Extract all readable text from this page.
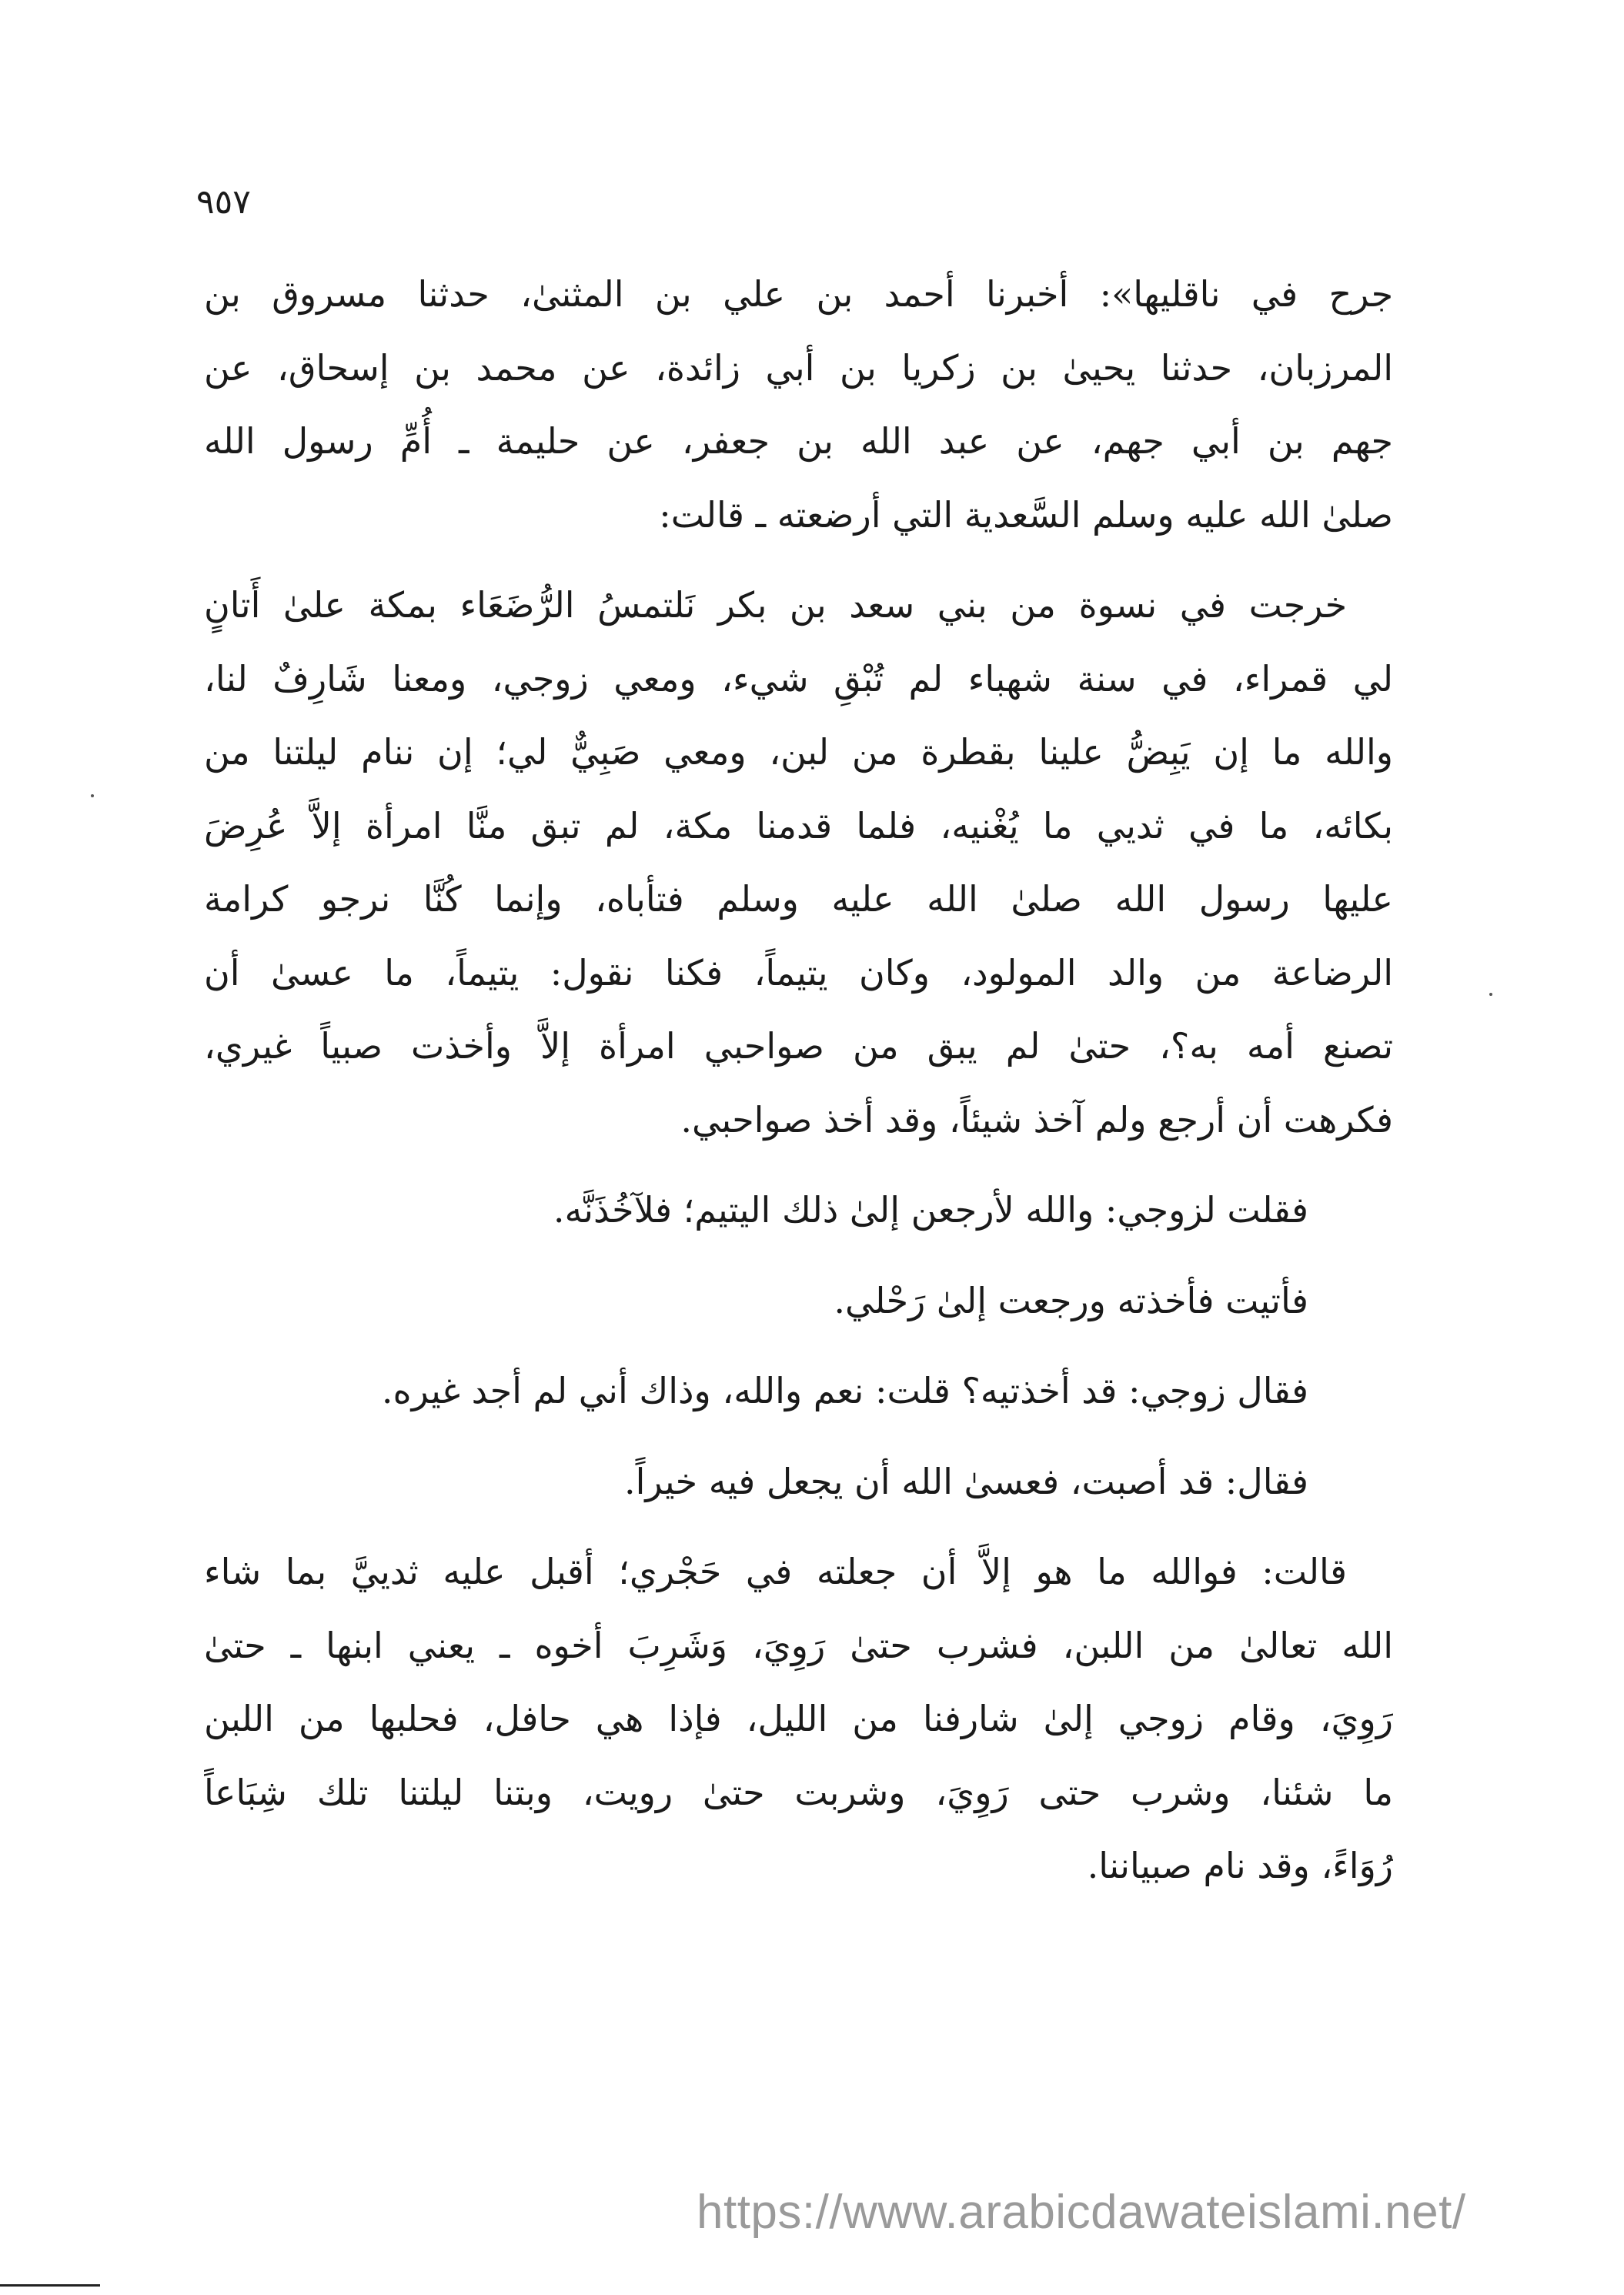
٩٥٧
جرح في ناقليها»: أخبرنا أحمد بن علي بن المثنىٰ، حدثنا مسروق بن
المرزبان، حدثنا يحيىٰ بن زكريا بن أبي زائدة، عن محمد بن إسحاق، عن
جهم بن أبي جهم، عن عبد الله بن جعفر، عن حليمة ـ أُمِّ رسول الله
صلىٰ الله عليه وسلم السَّعدية التي أرضعته ـ قالت:
خرجت في نسوة من بني سعد بن بكر نَلتمسُ الرُّضَعَاء بمكة علىٰ أَتانٍ
لي قمراء، في سنة شهباء لم تُبْقِ شيء، ومعي زوجي، ومعنا شَارِفٌ لنا،
والله ما إن يَبِضُّ علينا بقطرة من لبن، ومعي صَبِيٌّ لي؛ إن ننام ليلتنا من
بكائه، ما في ثديي ما يُغْنيه، فلما قدمنا مكة، لم تبق منَّا امرأة إلاَّ عُرِضَ
عليها رسول الله صلىٰ الله عليه وسلم فتأباه، وإنما كُنَّا نرجو كرامة
الرضاعة من والد المولود، وكان يتيماً، فكنا نقول: يتيماً، ما عسىٰ أن
تصنع أمه به؟، حتىٰ لم يبق من صواحبي امرأة إلاَّ وأخذت صبياً غيري،
فكرهت أن أرجع ولم آخذ شيئاً، وقد أخذ صواحبي.
فقلت لزوجي: والله لأرجعن إلىٰ ذلك اليتيم؛ فلآخُذَنَّه.
فأتيت فأخذته ورجعت إلىٰ رَحْلي.
فقال زوجي: قد أخذتيه؟ قلت: نعم والله، وذاك أني لم أجد غيره.
فقال: قد أصبت، فعسىٰ الله أن يجعل فيه خيراً.
قالت: فوالله ما هو إلاَّ أن جعلته في حَجْري؛ أقبل عليه ثدييَّ بما شاء
الله تعالىٰ من اللبن، فشرب حتىٰ رَوِيَ، وَشَرِبَ أخوه ـ يعني ابنها ـ حتىٰ
رَوِيَ، وقام زوجي إلىٰ شارفنا من الليل، فإذا هي حافل، فحلبها من اللبن
ما شئنا، وشرب حتى رَوِيَ، وشربت حتىٰ رويت، وبتنا ليلتنا تلك شِبَاعاً
رُوَاءً، وقد نام صبياننا.
https://www.arabicdawateislami.net/
